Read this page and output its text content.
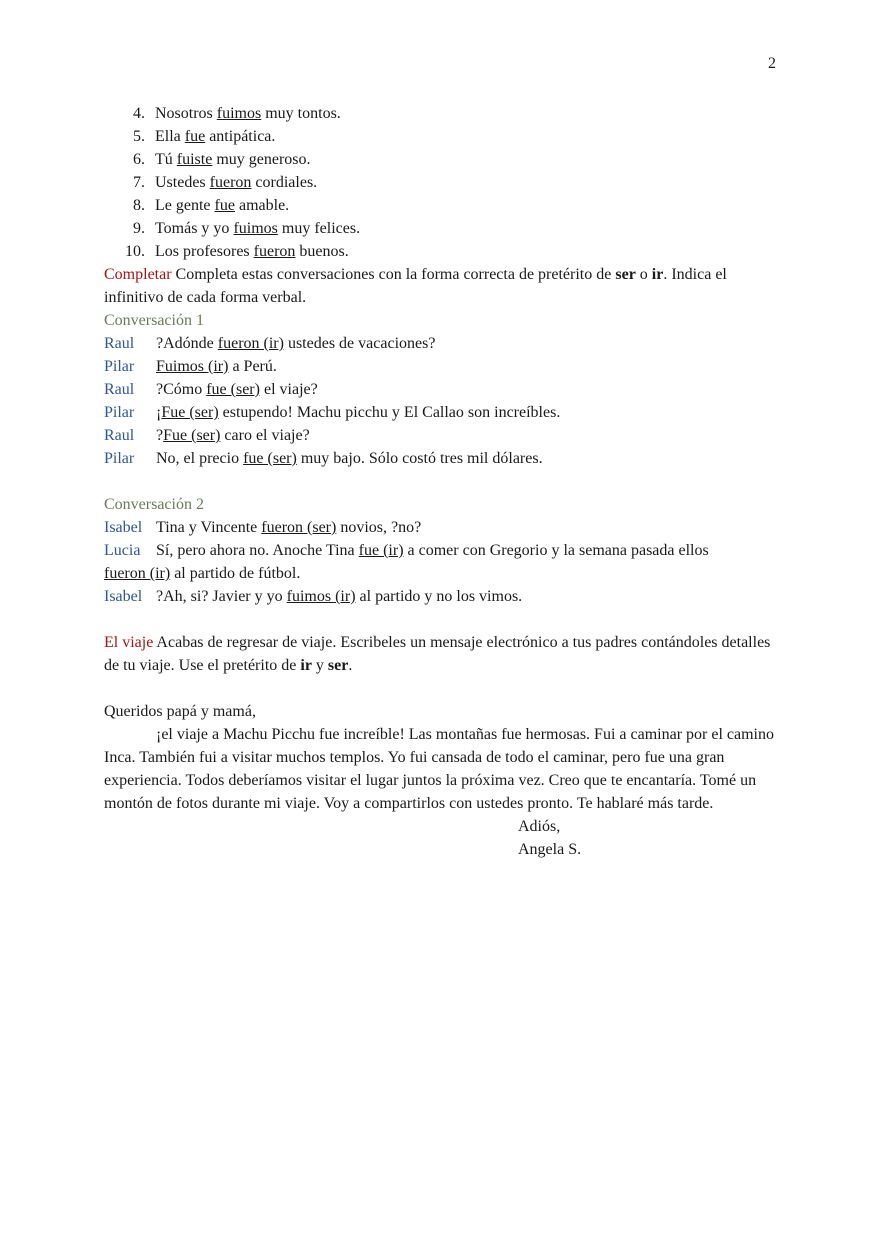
2
4. Nosotros fuimos muy tontos.
5. Ella fue antipática.
6. Tú fuiste muy generoso.
7. Ustedes fueron cordiales.
8. Le gente fue amable.
9. Tomás y yo fuimos muy felices.
10. Los profesores fueron buenos.
Completar Completa estas conversaciones con la forma correcta de pretérito de ser o ir. Indica el infinitivo de cada forma verbal.
Conversación 1
Raul	?Adónde fueron (ir) ustedes de vacaciones?
Pilar	Fuimos (ir) a Perú.
Raul	?Cómo fue (ser) el viaje?
Pilar	¡Fue (ser) estupendo! Machu picchu y El Callao son increíbles.
Raul	?Fue (ser) caro el viaje?
Pilar	No, el precio fue (ser) muy bajo. Sólo costó tres mil dólares.
Conversación 2
Isabel Tina y Vincente fueron (ser) novios, ?no?
Lucia Sí, pero ahora no. Anoche Tina fue (ir) a comer con Gregorio y la semana pasada ellos
fueron (ir) al partido de fútbol.
Isabel ?Ah, si? Javier y yo fuimos (ir) al partido y no los vimos.
El viaje Acabas de regresar de viaje. Escribeles un mensaje electrónico a tus padres contándoles detalles de tu viaje. Use el pretérito de ir y ser.
Queridos papá y mamá,
¡el viaje a Machu Picchu fue increíble! Las montañas fue hermosas. Fui a caminar por el camino Inca. También fui a visitar muchos templos. Yo fui cansada de todo el caminar, pero fue una gran experiencia. Todos deberíamos visitar el lugar juntos la próxima vez. Creo que te encantaría. Tomé un montón de fotos durante mi viaje. Voy a compartirlos con ustedes pronto. Te hablaré más tarde.
Adiós,
Angela S.
